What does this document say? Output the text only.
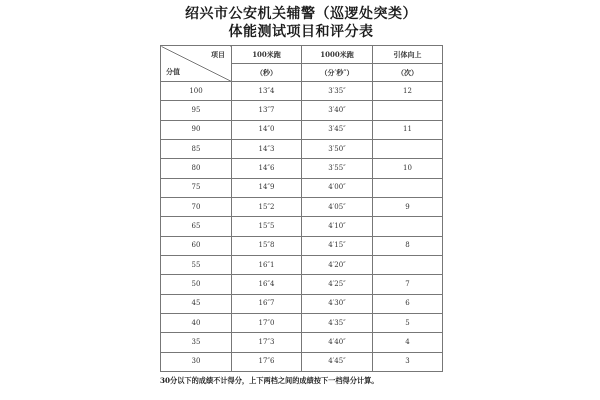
绍兴市公安机关辅警（巡逻处突类）
体能测试项目和评分表
项目
分值	100米跑	1000米跑	引体向上
	（秒）	（分′秒″）	（次）
100	13″4	3′35″	12
95	13″7	3′40″	
90	14″0	3′45″	11
85	14″3	3′50″	
80	14″6	3′55″	10
75	14″9	4′00″	
70	15″2	4′05″	9
65	15″5	4′10″	
60	15″8	4′15″	8
55	16″1	4′20″	
50	16″4	4′25″	7
45	16″7	4′30″	6
40	17″0	4′35″	5
35	17″3	4′40″	4
30	17″6	4′45″	3
30分以下的成绩不计得分，上下两档之间的成绩按下一档得分计算。
